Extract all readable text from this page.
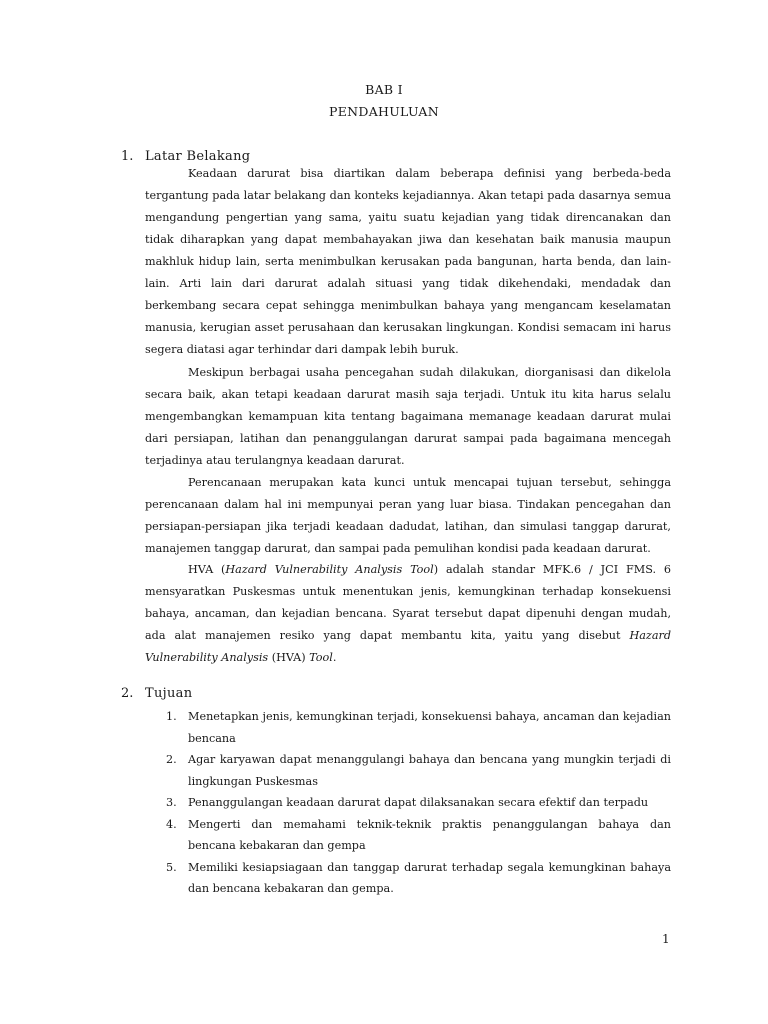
BAB I
PENDAHULUAN
1. Latar Belakang

Keadaan darurat bisa diartikan dalam beberapa definisi yang berbeda-beda tergantung pada latar belakang dan konteks kejadiannya. Akan tetapi pada dasarnya semua mengandung pengertian yang sama, yaitu suatu kejadian yang tidak direncanakan dan tidak diharapkan yang dapat membahayakan jiwa dan kesehatan baik manusia maupun makhluk hidup lain, serta menimbulkan kerusakan pada bangunan, harta benda, dan lain-lain. Arti lain dari darurat adalah situasi yang tidak dikehendaki, mendadak dan berkembang secara cepat sehingga menimbulkan bahaya yang mengancam keselamatan manusia, kerugian asset perusahaan dan kerusakan lingkungan. Kondisi semacam ini harus segera diatasi agar terhindar dari dampak lebih buruk.

Meskipun berbagai usaha pencegahan sudah dilakukan, diorganisasi dan dikelola secara baik, akan tetapi keadaan darurat masih saja terjadi. Untuk itu kita harus selalu mengembangkan kemampuan kita tentang bagaimana memanage keadaan darurat mulai dari persiapan, latihan dan penanggulangan darurat sampai pada bagaimana mencegah terjadinya atau terulangnya keadaan darurat.

Perencanaan merupakan kata kunci untuk mencapai tujuan tersebut, sehingga perencanaan dalam hal ini mempunyai peran yang luar biasa. Tindakan pencegahan dan persiapan-persiapan jika terjadi keadaan dadudat, latihan, dan simulasi tanggap darurat, manajemen tanggap darurat, dan sampai pada pemulihan kondisi pada keadaan darurat.

HVA (Hazard Vulnerability Analysis Tool) adalah standar MFK.6 / JCI FMS. 6 mensyaratkan Puskesmas untuk menentukan jenis, kemungkinan terhadap konsekuensi bahaya, ancaman, dan kejadian bencana. Syarat tersebut dapat dipenuhi dengan mudah, ada alat manajemen resiko yang dapat membantu kita, yaitu yang disebut Hazard Vulnerability Analysis (HVA) Tool.

2. Tujuan
1. Menetapkan jenis, kemungkinan terjadi, konsekuensi bahaya, ancaman dan kejadian bencana
2. Agar karyawan dapat menanggulangi bahaya dan bencana yang mungkin terjadi di lingkungan Puskesmas
3. Penanggulangan keadaan darurat dapat dilaksanakan secara efektif dan terpadu
4. Mengerti dan memahami teknik-teknik praktis penanggulangan bahaya dan bencana kebakaran dan gempa
5. Memiliki kesiapsiagaan dan tanggap darurat terhadap segala kemungkinan bahaya dan bencana kebakaran dan gempa.
1
